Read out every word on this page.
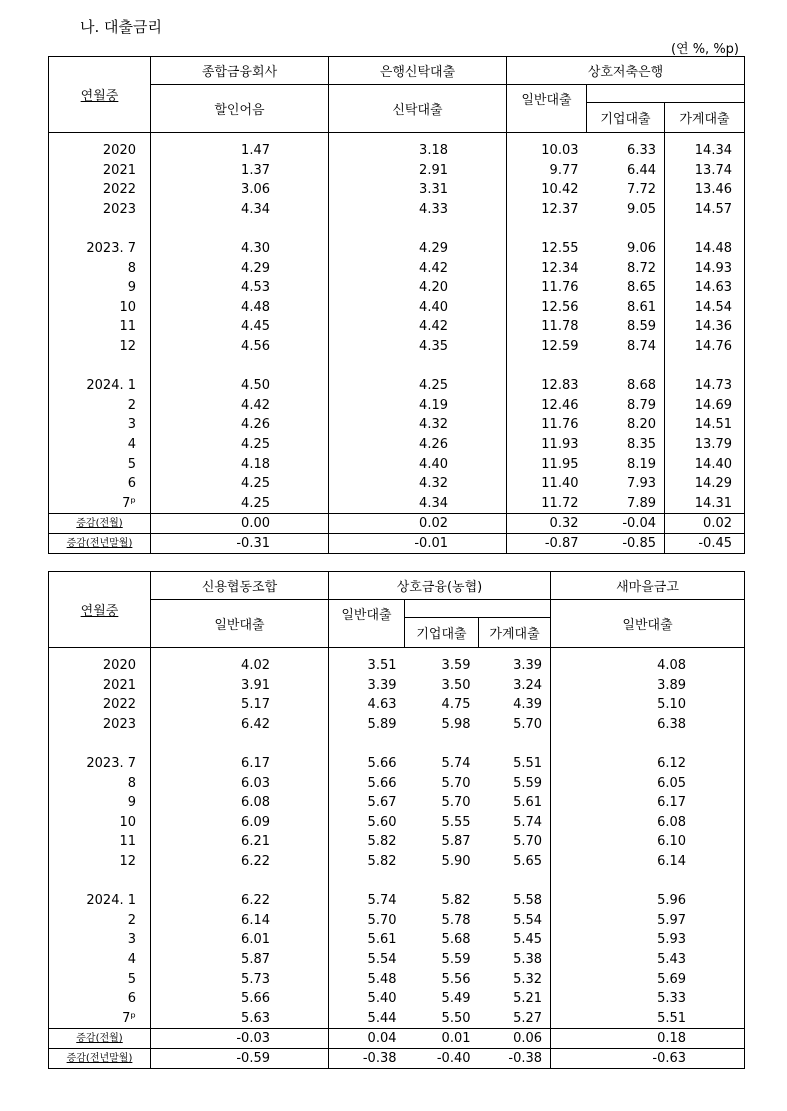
나. 대출금리
(연 %, %p)
연월중	종합금융회사	은행신탁대출	상호저축은행		
	할인어음	신탁대출	일반대출		
				기업대출	가계대출

2020	1.47	3.18	10.03	6.33	14.34
2021	1.37	2.91	9.77	6.44	13.74
2022	3.06	3.31	10.42	7.72	13.46
2023	4.34	4.33	12.37	9.05	14.57

2023. 7	4.30	4.29	12.55	9.06	14.48
8	4.29	4.42	12.34	8.72	14.93
9	4.53	4.20	11.76	8.65	14.63
10	4.48	4.40	12.56	8.61	14.54
11	4.45	4.42	11.78	8.59	14.36
12	4.56	4.35	12.59	8.74	14.76

2024. 1	4.50	4.25	12.83	8.68	14.73
2	4.42	4.19	12.46	8.79	14.69
3	4.26	4.32	11.76	8.20	14.51
4	4.25	4.26	11.93	8.35	13.79
5	4.18	4.40	11.95	8.19	14.40
6	4.25	4.32	11.40	7.93	14.29
7ᵖ	4.25	4.34	11.72	7.89	14.31
증감(전월)	0.00	0.02	0.32	-0.04	0.02
증감(전년말월)	-0.31	-0.01	-0.87	-0.85	-0.45
연월중	신용협동조합	상호금융(농협)			새마을금고
	일반대출	일반대출			일반대출
			기업대출	가계대출	

2020	4.02	3.51	3.59	3.39	4.08
2021	3.91	3.39	3.50	3.24	3.89
2022	5.17	4.63	4.75	4.39	5.10
2023	6.42	5.89	5.98	5.70	6.38

2023. 7	6.17	5.66	5.74	5.51	6.12
8	6.03	5.66	5.70	5.59	6.05
9	6.08	5.67	5.70	5.61	6.17
10	6.09	5.60	5.55	5.74	6.08
11	6.21	5.82	5.87	5.70	6.10
12	6.22	5.82	5.90	5.65	6.14

2024. 1	6.22	5.74	5.82	5.58	5.96
2	6.14	5.70	5.78	5.54	5.97
3	6.01	5.61	5.68	5.45	5.93
4	5.87	5.54	5.59	5.38	5.43
5	5.73	5.48	5.56	5.32	5.69
6	5.66	5.40	5.49	5.21	5.33
7ᵖ	5.63	5.44	5.50	5.27	5.51
증감(전월)	-0.03	0.04	0.01	0.06	0.18
증감(전년말월)	-0.59	-0.38	-0.40	-0.38	-0.63
